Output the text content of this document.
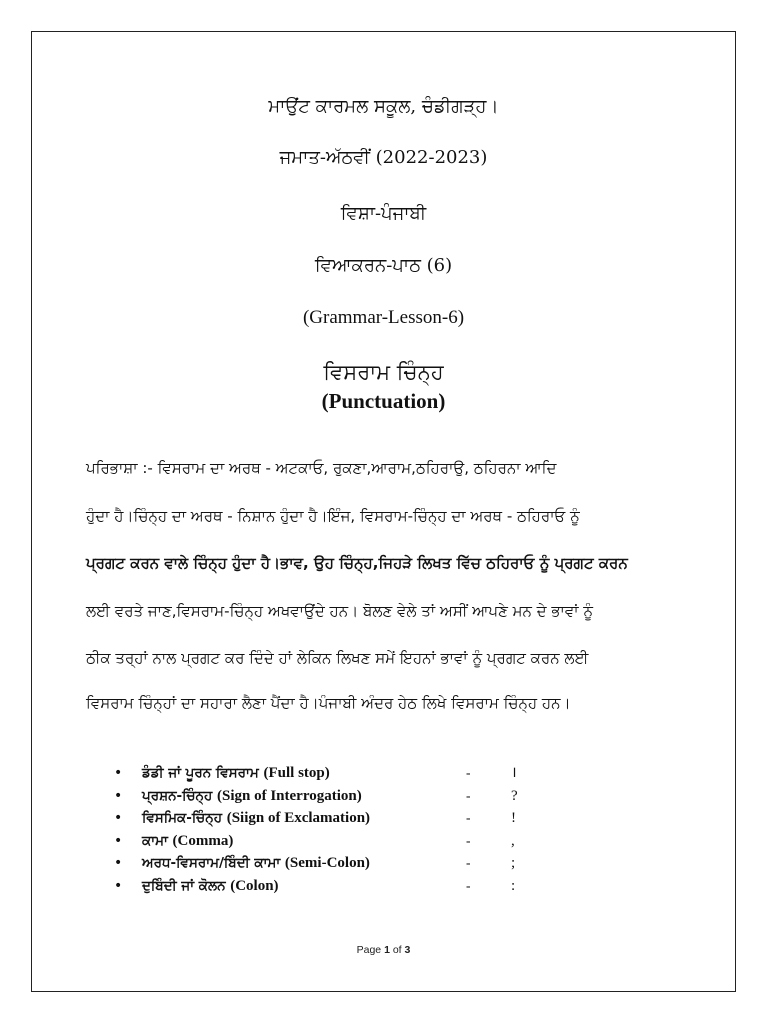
ਮਾਉਂਟ ਕਾਰਮਲ ਸਕੂਲ, ਚੰਡੀਗੜ੍ਹ।
ਜਮਾਤ-ਅੱਠਵੀਂ (2022-2023)
ਵਿਸ਼ਾ-ਪੰਜਾਬੀ
ਵਿਆਕਰਨ-ਪਾਠ (6)
(Grammar-Lesson-6)
ਵਿਸਰਾਮ ਚਿੰਨ੍ਹ
(Punctuation)
ਪਰਿਭਾਸ਼ਾ :- ਵਿਸਰਾਮ ਦਾ ਅਰਥ - ਅਟਕਾਓ, ਰੁਕਣਾ,ਆਰਾਮ,ਠਹਿਰਾਉ, ਠਹਿਰਨਾ ਆਦਿ
ਹੁੰਦਾ ਹੈ।ਚਿੰਨ੍ਹ ਦਾ ਅਰਥ - ਨਿਸ਼ਾਨ ਹੁੰਦਾ ਹੈ।ਇੰਜ, ਵਿਸਰਾਮ-ਚਿੰਨ੍ਹ ਦਾ ਅਰਥ - ਠਹਿਰਾਓ ਨੂੰ
ਪ੍ਰਗਟ ਕਰਨ ਵਾਲੇ ਚਿੰਨ੍ਹ ਹੁੰਦਾ ਹੈ।ਭਾਵ, ਉਹ ਚਿੰਨ੍ਹ,ਜਿਹੜੇ ਲਿਖਤ ਵਿੱਚ ਠਹਿਰਾਓ ਨੂੰ ਪ੍ਰਗਟ ਕਰਨ
ਲਈ ਵਰਤੇ ਜਾਣ,ਵਿਸਰਾਮ-ਚਿੰਨ੍ਹ ਅਖਵਾਉਂਦੇ ਹਨ। ਬੋਲਣ ਵੇਲੇ ਤਾਂ ਅਸੀਂ ਆਪਣੇ ਮਨ ਦੇ ਭਾਵਾਂ ਨੂੰ
ਠੀਕ ਤਰ੍ਹਾਂ ਨਾਲ ਪ੍ਰਗਟ ਕਰ ਦਿੰਦੇ ਹਾਂ ਲੇਕਿਨ ਲਿਖਣ ਸਮੇਂ ਇਹਨਾਂ ਭਾਵਾਂ ਨੂੰ ਪ੍ਰਗਟ ਕਰਨ ਲਈ
ਵਿਸਰਾਮ ਚਿੰਨ੍ਹਾਂ ਦਾ ਸਹਾਰਾ ਲੈਣਾ ਪੈਂਦਾ ਹੈ।ਪੰਜਾਬੀ ਅੰਦਰ ਹੇਠ ਲਿਖੇ ਵਿਸਰਾਮ ਚਿੰਨ੍ਹ ਹਨ।
• ਡੰਡੀ ਜਾਂ ਪੂਰਨ ਵਿਸਰਾਮ (Full stop)	-	।
• ਪ੍ਰਸ਼ਨ-ਚਿੰਨ੍ਹ (Sign of Interrogation)	-	?
• ਵਿਸਮਿਕ-ਚਿੰਨ੍ਹ (Siign of Exclamation)	-	!
• ਕਾਮਾ (Comma)	-	,
• ਅਰਧ-ਵਿਸਰਾਮ/ਬਿੰਦੀ ਕਾਮਾ (Semi-Colon)	-	;
• ਦੁਬਿੰਦੀ ਜਾਂ ਕੋਲਨ (Colon)	-	:
Page 1 of 3
